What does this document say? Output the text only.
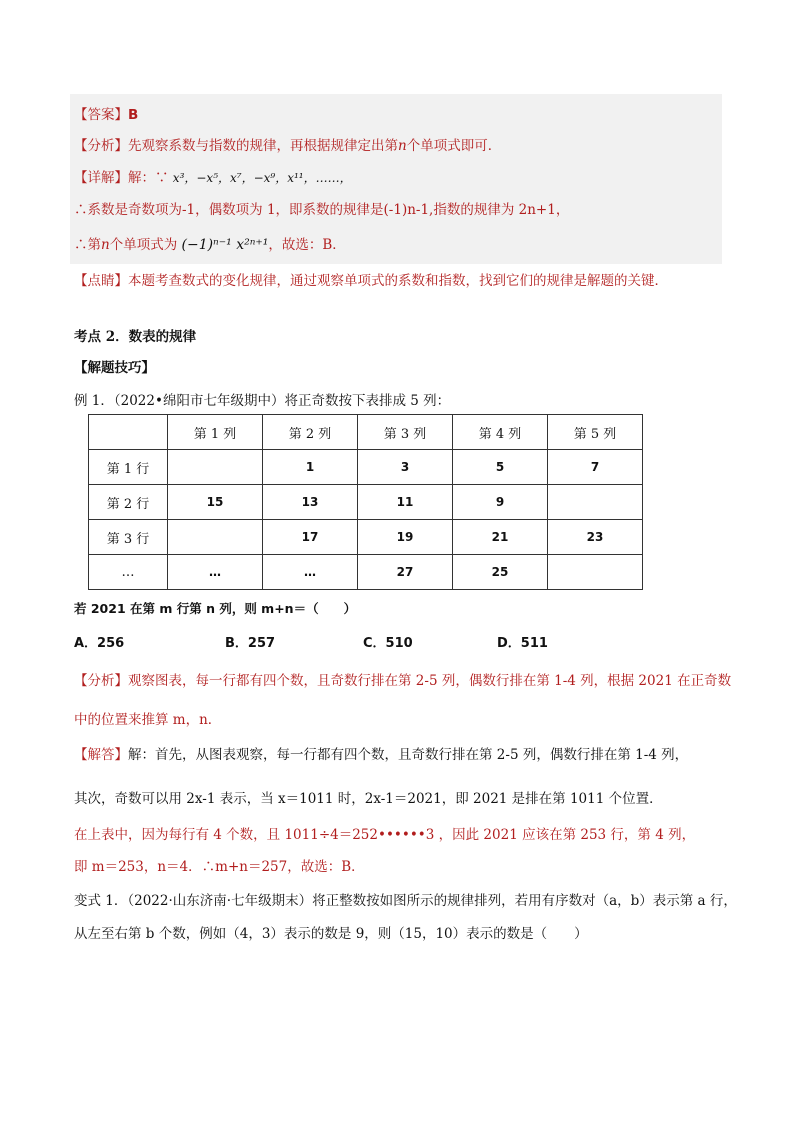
【答案】B
【分析】先观察系数与指数的规律，再根据规律定出第n个单项式即可．
【详解】解：∵ x³，−x⁵，x⁷，−x⁹，x¹¹，……，
∴系数是奇数项为-1，偶数项为 1，即系数的规律是(-1)n-1,指数的规律为 2n+1，
∴第n个单项式为 (−1)ⁿ⁻¹ x²ⁿ⁺¹，故选：B．
【点睛】本题考查数式的变化规律，通过观察单项式的系数和指数，找到它们的规律是解题的关键．
考点 2．数表的规律
【解题技巧】
例 1．（2022•绵阳市七年级期中）将正奇数按下表排成 5 列：
	第 1 列	第 2 列	第 3 列	第 4 列	第 5 列
第 1 行		1	3	5	7
第 2 行	15	13	11	9	
第 3 行		17	19	21	23
…	…	…	27	25	
若 2021 在第 m 行第 n 列，则 m+n＝（　　）
A．256	B．257	C．510	D．511
【分析】观察图表，每一行都有四个数，且奇数行排在第 2-5 列，偶数行排在第 1-4 列，根据 2021 在正奇数
中的位置来推算 m，n．
【解答】解：首先，从图表观察，每一行都有四个数，且奇数行排在第 2-5 列，偶数行排在第 1-4 列，
其次，奇数可以用 2x-1 表示，当 x＝1011 时，2x-1＝2021，即 2021 是排在第 1011 个位置．
在上表中，因为每行有 4 个数，且 1011÷4＝252••••••3 ，因此 2021 应该在第 253 行，第 4 列，
即 m＝253，n＝4．∴m+n＝257，故选：B．
变式 1．（2022·山东济南·七年级期末）将正整数按如图所示的规律排列，若用有序数对（a，b）表示第 a 行，
从左至右第 b 个数，例如（4，3）表示的数是 9，则（15，10）表示的数是（　　）
